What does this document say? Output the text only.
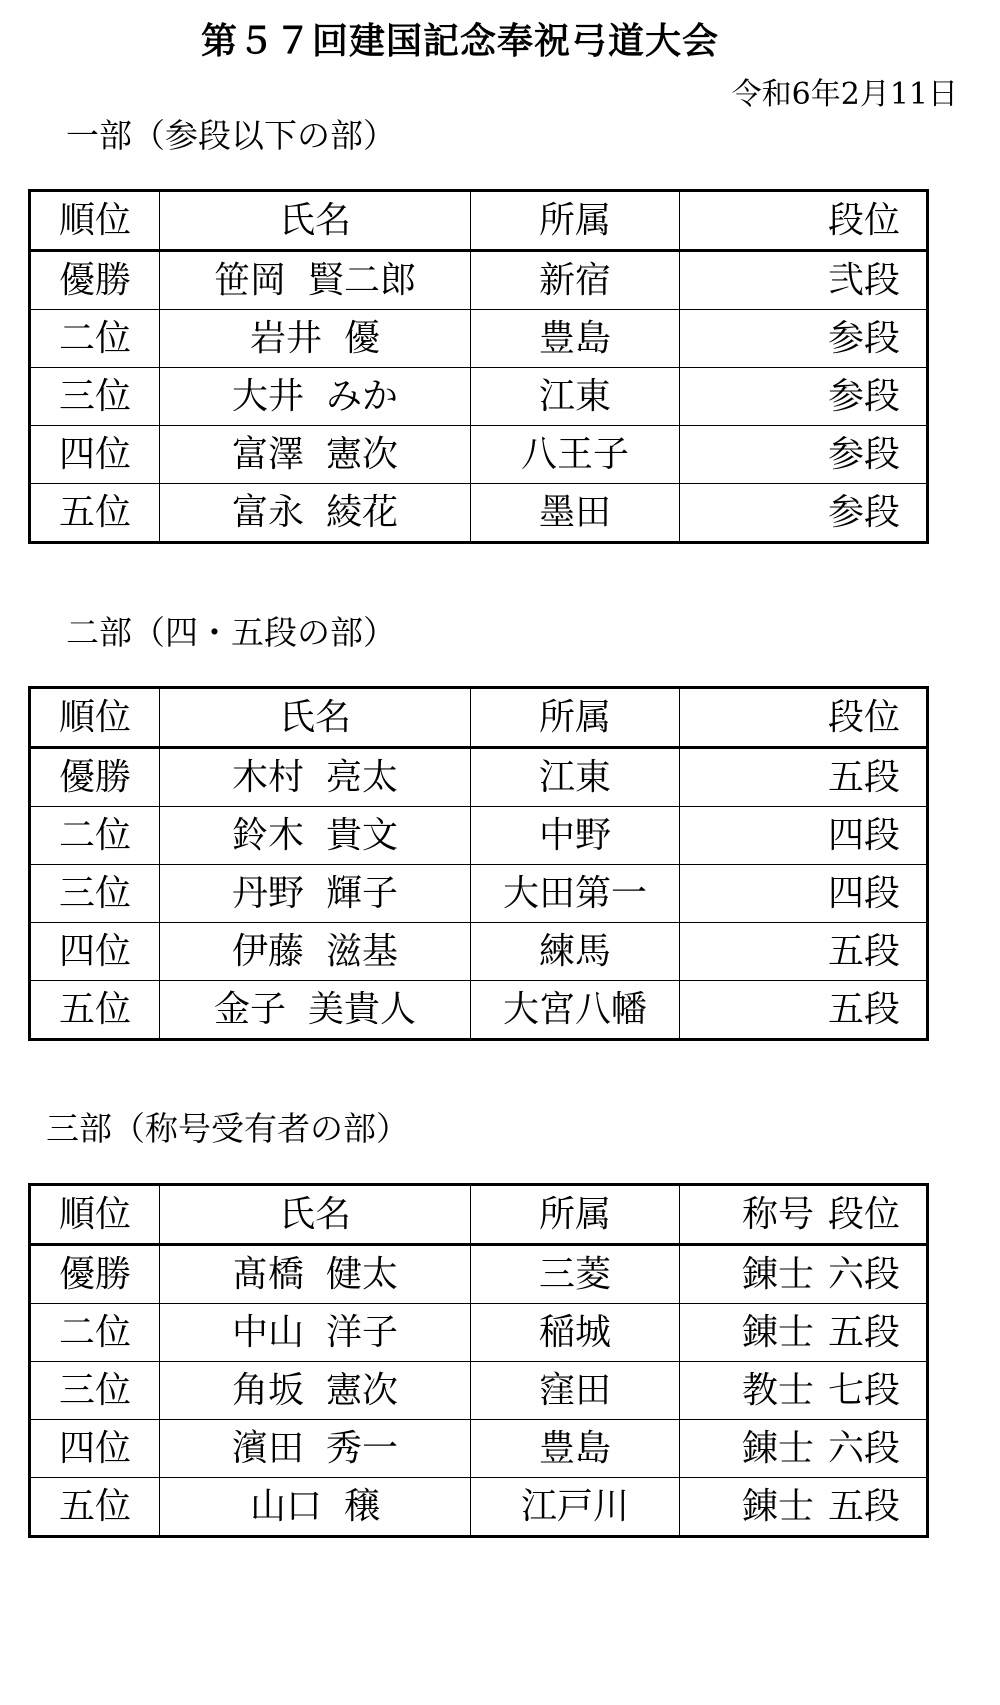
第５７回建国記念奉祝弓道大会
令和6年2月11日
一部（参段以下の部）
順位	氏名	所属	段位
優勝	笹岡 賢二郎	新宿	弐段
二位	岩井 優	豊島	参段
三位	大井 みか	江東	参段
四位	富澤 憲次	八王子	参段
五位	富永 綾花	墨田	参段
二部（四・五段の部）
順位	氏名	所属	段位
優勝	木村 亮太	江東	五段
二位	鈴木 貴文	中野	四段
三位	丹野 輝子	大田第一	四段
四位	伊藤 滋基	練馬	五段
五位	金子 美貴人	大宮八幡	五段
三部（称号受有者の部）
順位	氏名	所属	称号 段位
優勝	髙橋 健太	三菱	錬士 六段
二位	中山 洋子	稲城	錬士 五段
三位	角坂 憲次	窪田	教士 七段
四位	濱田 秀一	豊島	錬士 六段
五位	山口 穣	江戸川	錬士 五段
